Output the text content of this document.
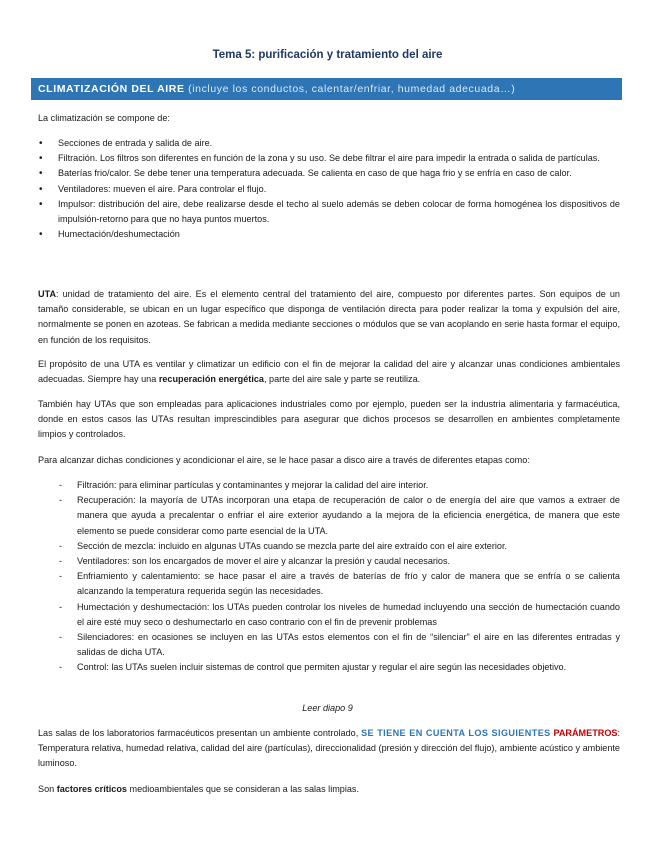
Tema 5: purificación y tratamiento del aire
CLIMATIZACIÓN DEL AIRE (incluye los conductos, calentar/enfriar, humedad adecuada…)
La climatización se compone de:
• Secciones de entrada y salida de aire.
• Filtración. Los filtros son diferentes en función de la zona y su uso. Se debe filtrar el aire para impedir la entrada o salida de partículas.
• Baterías frio/calor. Se debe tener una temperatura adecuada. Se calienta en caso de que haga frio y se enfría en caso de calor.
• Ventiladores: mueven el aire. Para controlar el flujo.
• Impulsor: distribución del aire, debe realizarse desde el techo al suelo además se deben colocar de forma homogénea los dispositivos de impulsión-retorno para que no haya puntos muertos.
• Humectación/deshumectación
UTA: unidad de tratamiento del aire. Es el elemento central del tratamiento del aire, compuesto por diferentes partes. Son equipos de un tamaño considerable, se ubican en un lugar específico que disponga de ventilación directa para poder realizar la toma y expulsión del aire, normalmente se ponen en azoteas. Se fabrican a medida mediante secciones o módulos que se van acoplando en serie hasta formar el equipo, en función de los requisitos.
El propósito de una UTA es ventilar y climatizar un edificio con el fin de mejorar la calidad del aire y alcanzar unas condiciones ambientales adecuadas. Siempre hay una recuperación energética, parte del aire sale y parte se reutiliza.
También hay UTAs que son empleadas para aplicaciones industriales como por ejemplo, pueden ser la industria alimentaria y farmacéutica, donde en estos casos las UTAs resultan imprescindibles para asegurar que dichos procesos se desarrollen en ambientes completamente limpios y controlados.
Para alcanzar dichas condiciones y acondicionar el aire, se le hace pasar a disco aire a través de diferentes etapas como:
- Filtración: para eliminar partículas y contaminantes y mejorar la calidad del aire interior.
- Recuperación: la mayoría de UTAs incorporan una etapa de recuperación de calor o de energía del aire que vamos a extraer de manera que ayuda a precalentar o enfriar el aire exterior ayudando a la mejora de la eficiencia energética, de manera que este elemento se puede considerar como parte esencial de la UTA.
- Sección de mezcla: incluido en algunas UTAs cuando se mezcla parte del aire extraído con el aire exterior.
- Ventiladores: son los encargados de mover el aire y alcanzar la presión y caudal necesarios.
- Enfriamiento y calentamiento: se hace pasar el aire a través de baterías de frío y calor de manera que se enfría o se calienta alcanzando la temperatura requerida según las necesidades.
- Humectación y deshumectación: los UTAs pueden controlar los niveles de humedad incluyendo una sección de humectación cuando el aire esté muy seco o deshumectarlo en caso contrario con el fin de prevenir problemas
- Silenciadores: en ocasiones se incluyen en las UTAs estos elementos con el fin de “silenciar” el aire en las diferentes entradas y salidas de dicha UTA.
- Control: las UTAs suelen incluir sistemas de control que permiten ajustar y regular el aire según las necesidades objetivo.
Leer diapo 9
Las salas de los laboratorios farmacéuticos presentan un ambiente controlado, SE TIENE EN CUENTA LOS SIGUIENTES PARÁMETROS: Temperatura relativa, humedad relativa, calidad del aire (partículas), direccionalidad (presión y dirección del flujo), ambiente acústico y ambiente luminoso.
Son factores críticos medioambientales que se consideran a las salas limpias.
